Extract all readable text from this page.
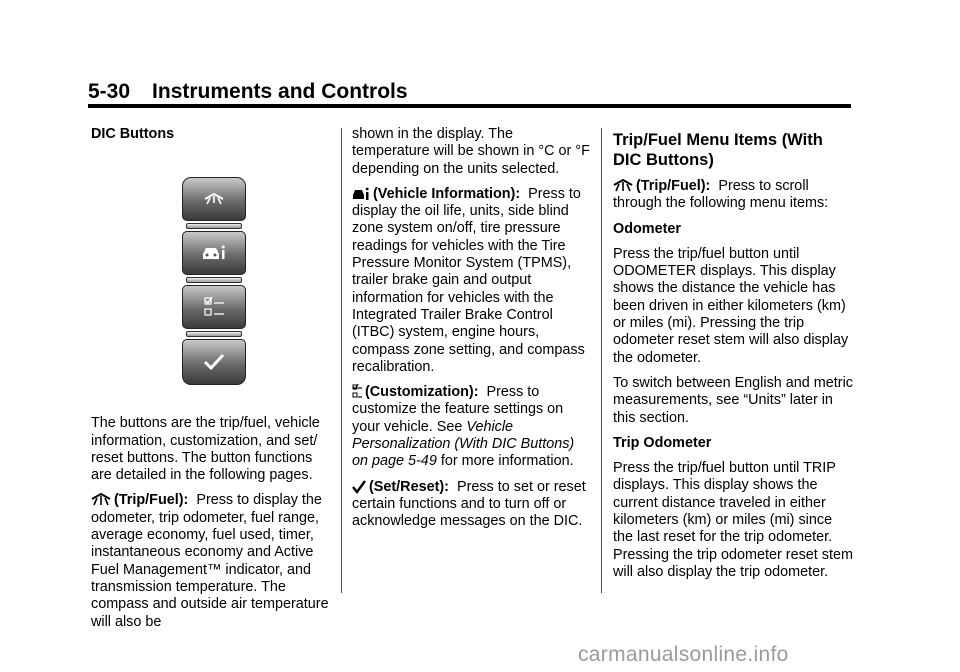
5-30 Instruments and Controls

DIC Buttons

The buttons are the trip/fuel, vehicle information, customization, and set/ reset buttons. The button functions are detailed in the following pages.

(Trip/Fuel): Press to display the odometer, trip odometer, fuel range, average economy, fuel used, timer, instantaneous economy and Active Fuel Management™ indicator, and transmission temperature. The compass and outside air temperature will also be

shown in the display. The temperature will be shown in °C or °F depending on the units selected.

(Vehicle Information): Press to display the oil life, units, side blind zone system on/off, tire pressure readings for vehicles with the Tire Pressure Monitor System (TPMS), trailer brake gain and output information for vehicles with the Integrated Trailer Brake Control (ITBC) system, engine hours, compass zone setting, and compass recalibration.

(Customization): Press to customize the feature settings on your vehicle. See Vehicle Personalization (With DIC Buttons) on page 5-49 for more information.

(Set/Reset): Press to set or reset certain functions and to turn off or acknowledge messages on the DIC.

Trip/Fuel Menu Items (With DIC Buttons)

(Trip/Fuel): Press to scroll through the following menu items:

Odometer

Press the trip/fuel button until ODOMETER displays. This display shows the distance the vehicle has been driven in either kilometers (km) or miles (mi). Pressing the trip odometer reset stem will also display the odometer.

To switch between English and metric measurements, see “Units” later in this section.

Trip Odometer

Press the trip/fuel button until TRIP displays. This display shows the current distance traveled in either kilometers (km) or miles (mi) since the last reset for the trip odometer. Pressing the trip odometer reset stem will also display the trip odometer.

carmanualsonline.info
